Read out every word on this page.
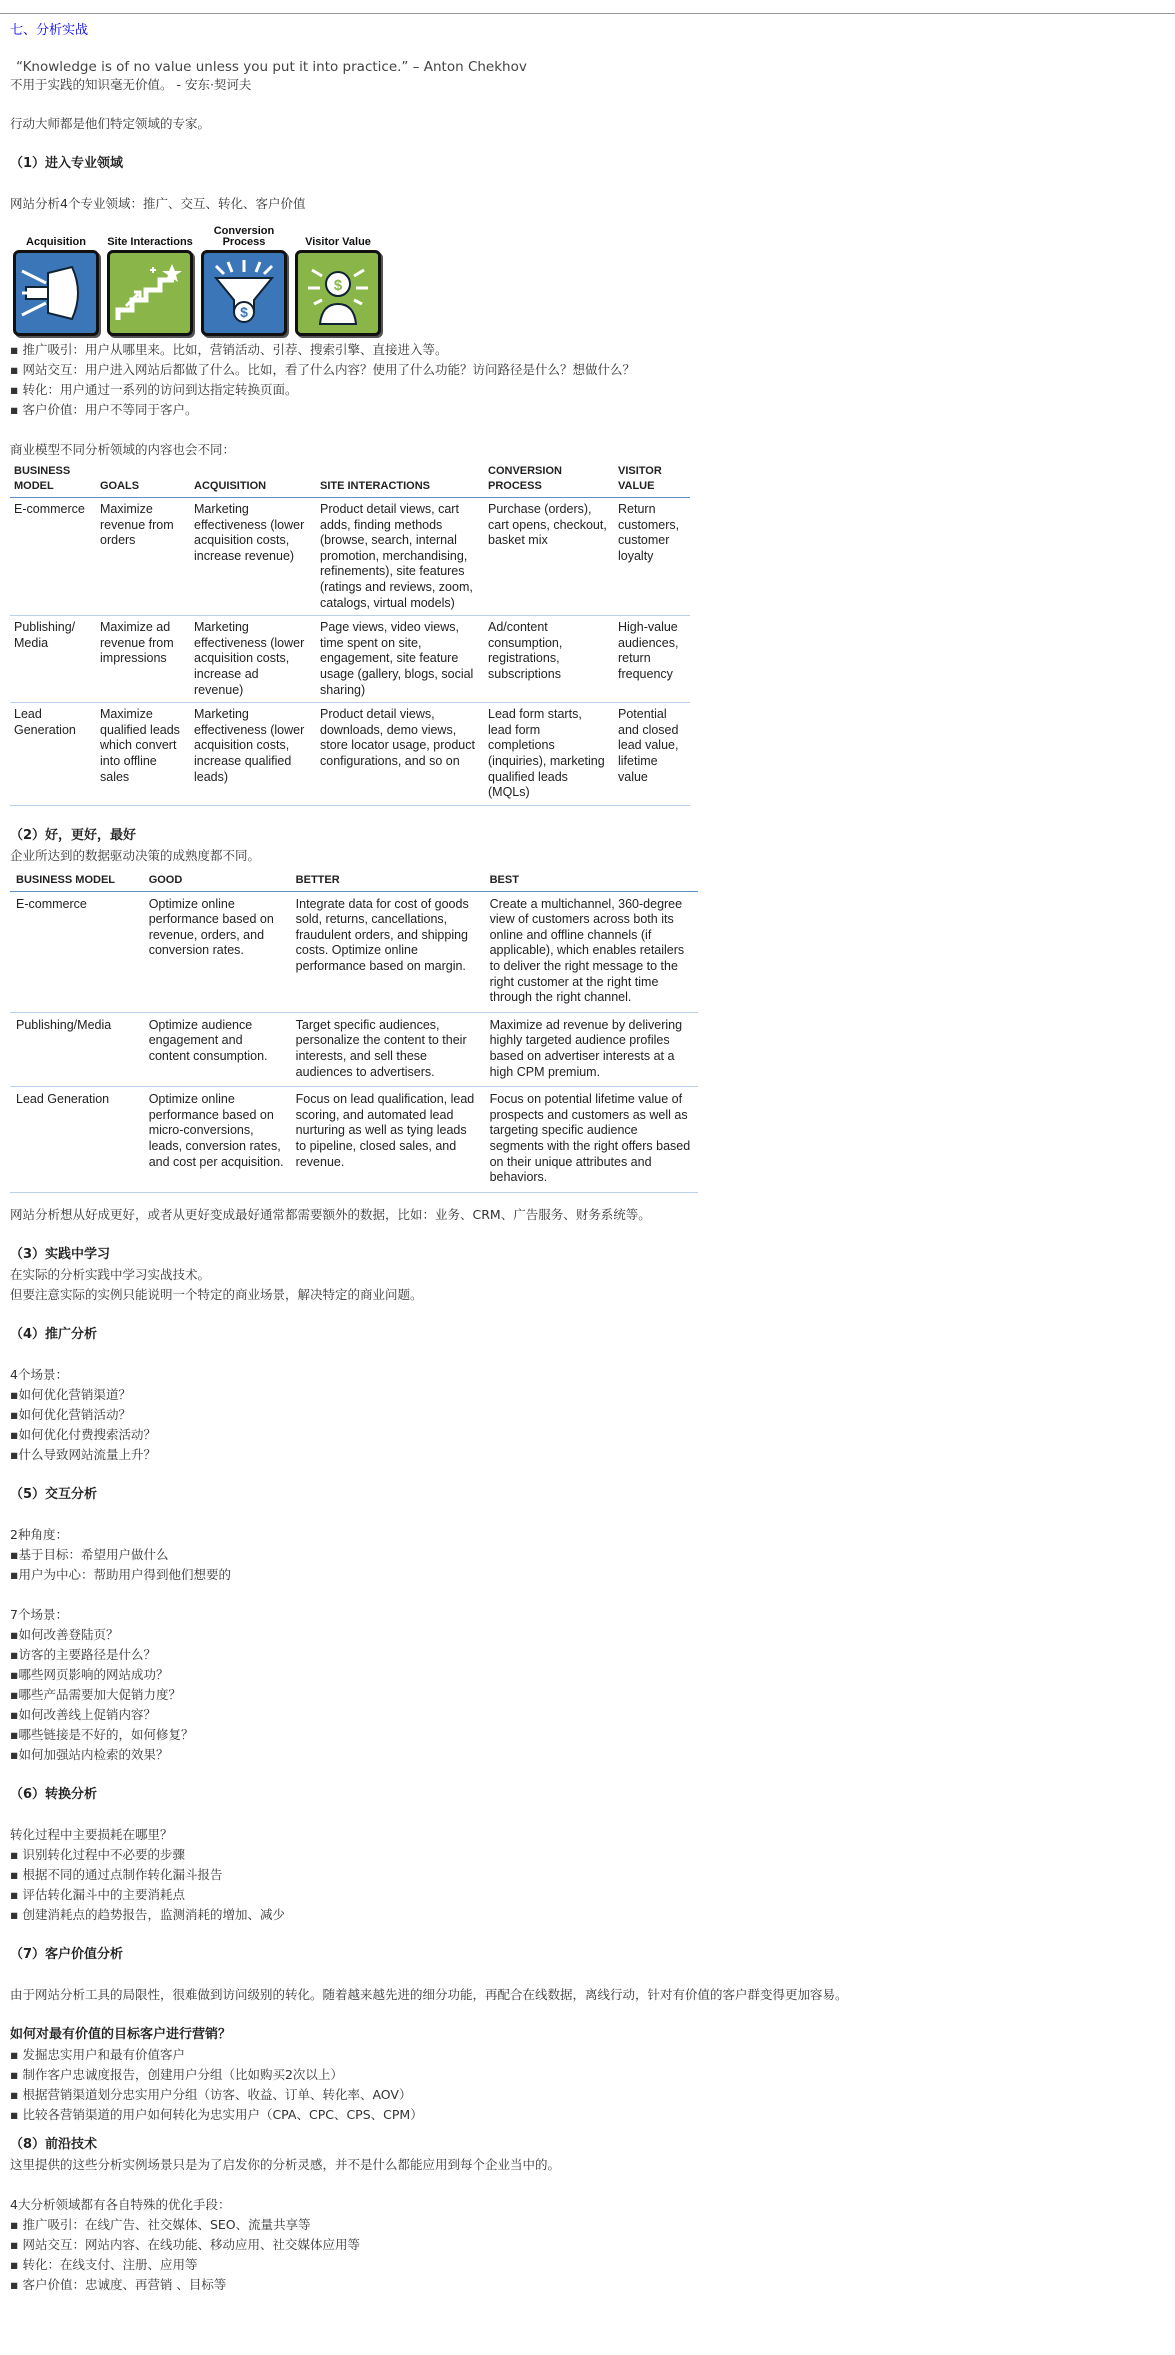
七、分析实战

“Knowledge is of no value unless you put it into practice.” – Anton Chekhov

不用于实践的知识毫无价值。 - 安东·契诃夫

行动大师都是他们特定领域的专家。

（1）进入专业领域

网站分析4个专业领域：推广、交互、转化、客户价值

Acquisition	Site Interactions
Conversion Process
$
Visitor Value
$
▪ 推广吸引：用户从哪里来。比如，营销活动、引荐、搜索引擎、直接进入等。
▪ 网站交互：用户进入网站后都做了什么。比如，看了什么内容？使用了什么功能？访问路径是什么？想做什么？
▪ 转化：用户通过一系列的访问到达指定转换页面。
▪ 客户价值：用户不等同于客户。

商业模型不同分析领域的内容也会不同：

BUSINESS MODEL	GOALS	ACQUISITION	SITE INTERACTIONS	CONVERSION PROCESS	VISITOR VALUE
E-commerce	Maximize revenue from orders	Marketing effectiveness (lower acquisition costs, increase revenue)	Product detail views, cart adds, finding methods (browse, search, internal promotion, merchandising, refinements), site features (ratings and reviews, zoom, catalogs, virtual models)	Purchase (orders), cart opens, checkout, basket mix	Return customers, customer loyalty
Publishing/ Media	Maximize ad revenue from impressions	Marketing effectiveness (lower acquisition costs, increase ad revenue)	Page views, video views, time spent on site, engagement, site feature usage (gallery, blogs, social sharing)	Ad/content consumption, registrations, subscriptions	High-value audiences, return frequency
Lead Generation	Maximize qualified leads which convert into offline sales	Marketing effectiveness (lower acquisition costs, increase qualified leads)	Product detail views, downloads, demo views, store locator usage, product configurations, and so on	Lead form starts, lead form completions (inquiries), marketing qualified leads (MQLs)	Potential and closed lead value, lifetime value

（2）好，更好，最好

企业所达到的数据驱动决策的成熟度都不同。

BUSINESS MODEL	GOOD	BETTER	BEST
E-commerce	Optimize online performance based on revenue, orders, and conversion rates.	Integrate data for cost of goods sold, returns, cancellations, fraudulent orders, and shipping costs. Optimize online performance based on margin.	Create a multichannel, 360-degree view of customers across both its online and offline channels (if applicable), which enables retailers to deliver the right message to the right customer at the right time through the right channel.
Publishing/Media	Optimize audience engagement and content consumption.	Target specific audiences, personalize the content to their interests, and sell these audiences to advertisers.	Maximize ad revenue by delivering highly targeted audience profiles based on advertiser interests at a high CPM premium.
Lead Generation	Optimize online performance based on micro-conversions, leads, conversion rates, and cost per acquisition.	Focus on lead qualification, lead scoring, and automated lead nurturing as well as tying leads to pipeline, closed sales, and revenue.	Focus on potential lifetime value of prospects and customers as well as targeting specific audience segments with the right offers based on their unique attributes and behaviors.

网站分析想从好成更好，或者从更好变成最好通常都需要额外的数据，比如：业务、CRM、广告服务、财务系统等。

（3）实践中学习

在实际的分析实践中学习实战技术。

但要注意实际的实例只能说明一个特定的商业场景，解决特定的商业问题。

（4）推广分析

4个场景：

▪如何优化营销渠道？

▪如何优化营销活动？

▪如何优化付费搜索活动？

▪什么导致网站流量上升？

（5）交互分析

2种角度：

▪基于目标：希望用户做什么

▪用户为中心：帮助用户得到他们想要的

7个场景：

▪如何改善登陆页？

▪访客的主要路径是什么？

▪哪些网页影响的网站成功？

▪哪些产品需要加大促销力度？

▪如何改善线上促销内容？

▪哪些链接是不好的，如何修复？

▪如何加强站内检索的效果？

（6）转换分析

转化过程中主要损耗在哪里？

▪ 识别转化过程中不必要的步骤

▪ 根据不同的通过点制作转化漏斗报告

▪ 评估转化漏斗中的主要消耗点

▪ 创建消耗点的趋势报告，监测消耗的增加、减少

（7）客户价值分析

由于网站分析工具的局限性，很难做到访问级别的转化。随着越来越先进的细分功能，再配合在线数据，离线行动，针对有价值的客户群变得更加容易。

如何对最有价值的目标客户进行营销？

▪ 发掘忠实用户和最有价值客户

▪ 制作客户忠诚度报告，创建用户分组（比如购买2次以上）

▪ 根据营销渠道划分忠实用户分组（访客、收益、订单、转化率、AOV）

▪ 比较各营销渠道的用户如何转化为忠实用户（CPA、CPC、CPS、CPM）

（8）前沿技术

这里提供的这些分析实例场景只是为了启发你的分析灵感，并不是什么都能应用到每个企业当中的。

4大分析领域都有各自特殊的优化手段：

▪ 推广吸引：在线广告、社交媒体、SEO、流量共享等

▪ 网站交互：网站内容、在线功能、移动应用、社交媒体应用等

▪ 转化：在线支付、注册、应用等

▪ 客户价值：忠诚度、再营销 、目标等
